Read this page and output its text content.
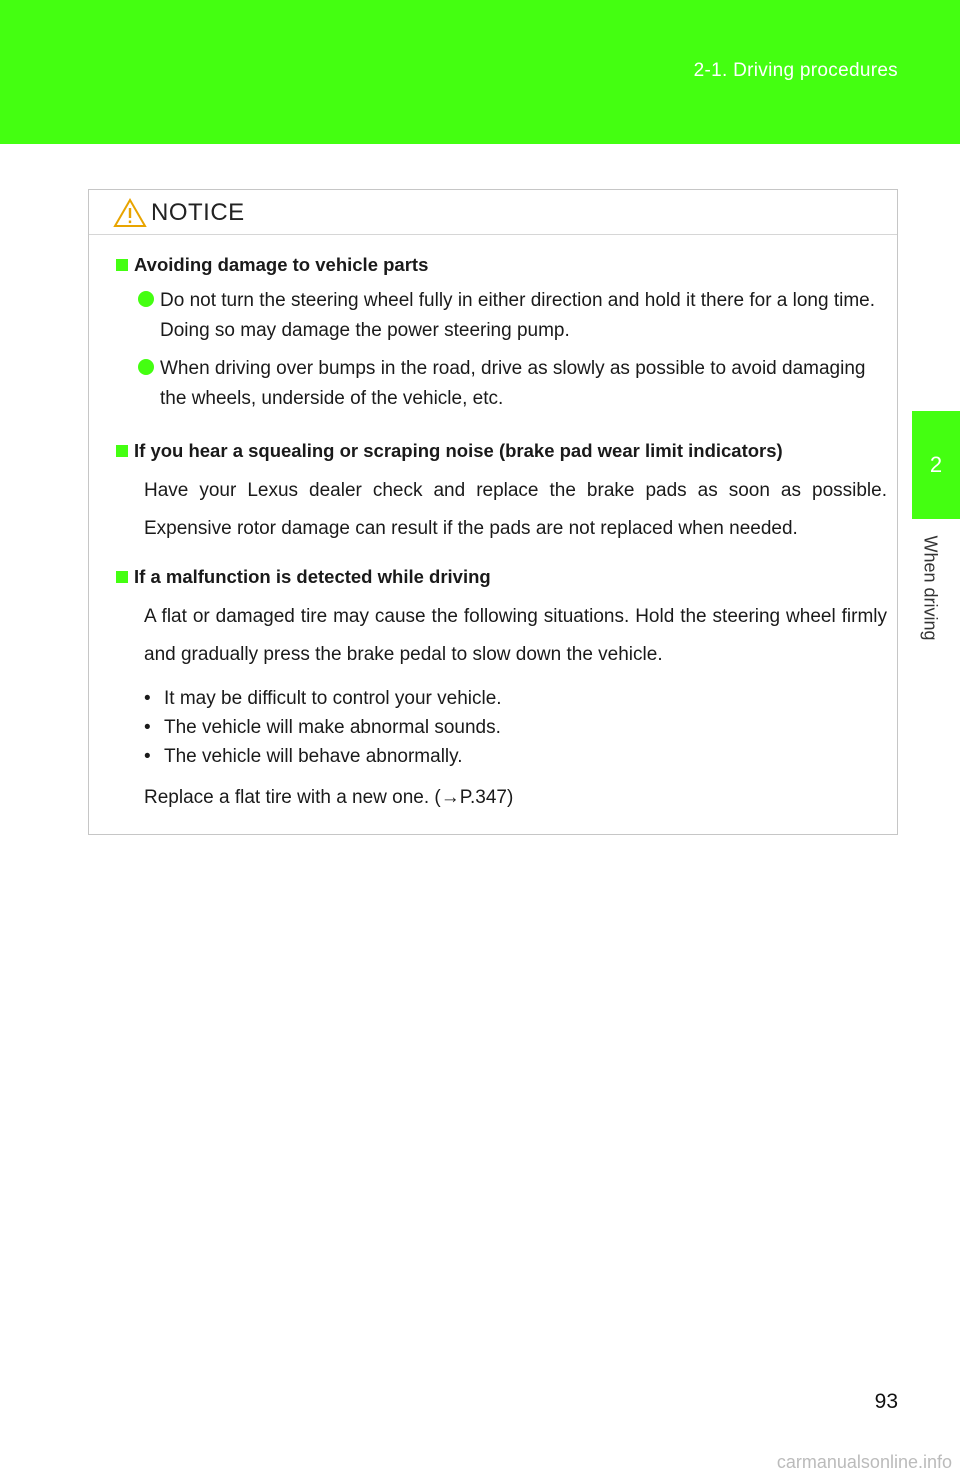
2-1. Driving procedures
2
When driving
NOTICE
Avoiding damage to vehicle parts
Do not turn the steering wheel fully in either direction and hold it there for a long time. Doing so may damage the power steering pump.
When driving over bumps in the road, drive as slowly as possible to avoid damaging the wheels, underside of the vehicle, etc.
If you hear a squealing or scraping noise (brake pad wear limit indicators)
Have your Lexus dealer check and replace the brake pads as soon as possible. Expensive rotor damage can result if the pads are not replaced when needed.
If a malfunction is detected while driving
A flat or damaged tire may cause the following situations. Hold the steering wheel firmly and gradually press the brake pedal to slow down the vehicle.
• It may be difficult to control your vehicle.
• The vehicle will make abnormal sounds.
• The vehicle will behave abnormally.
Replace a flat tire with a new one. (→P.347)
93
carmanualsonline.info
